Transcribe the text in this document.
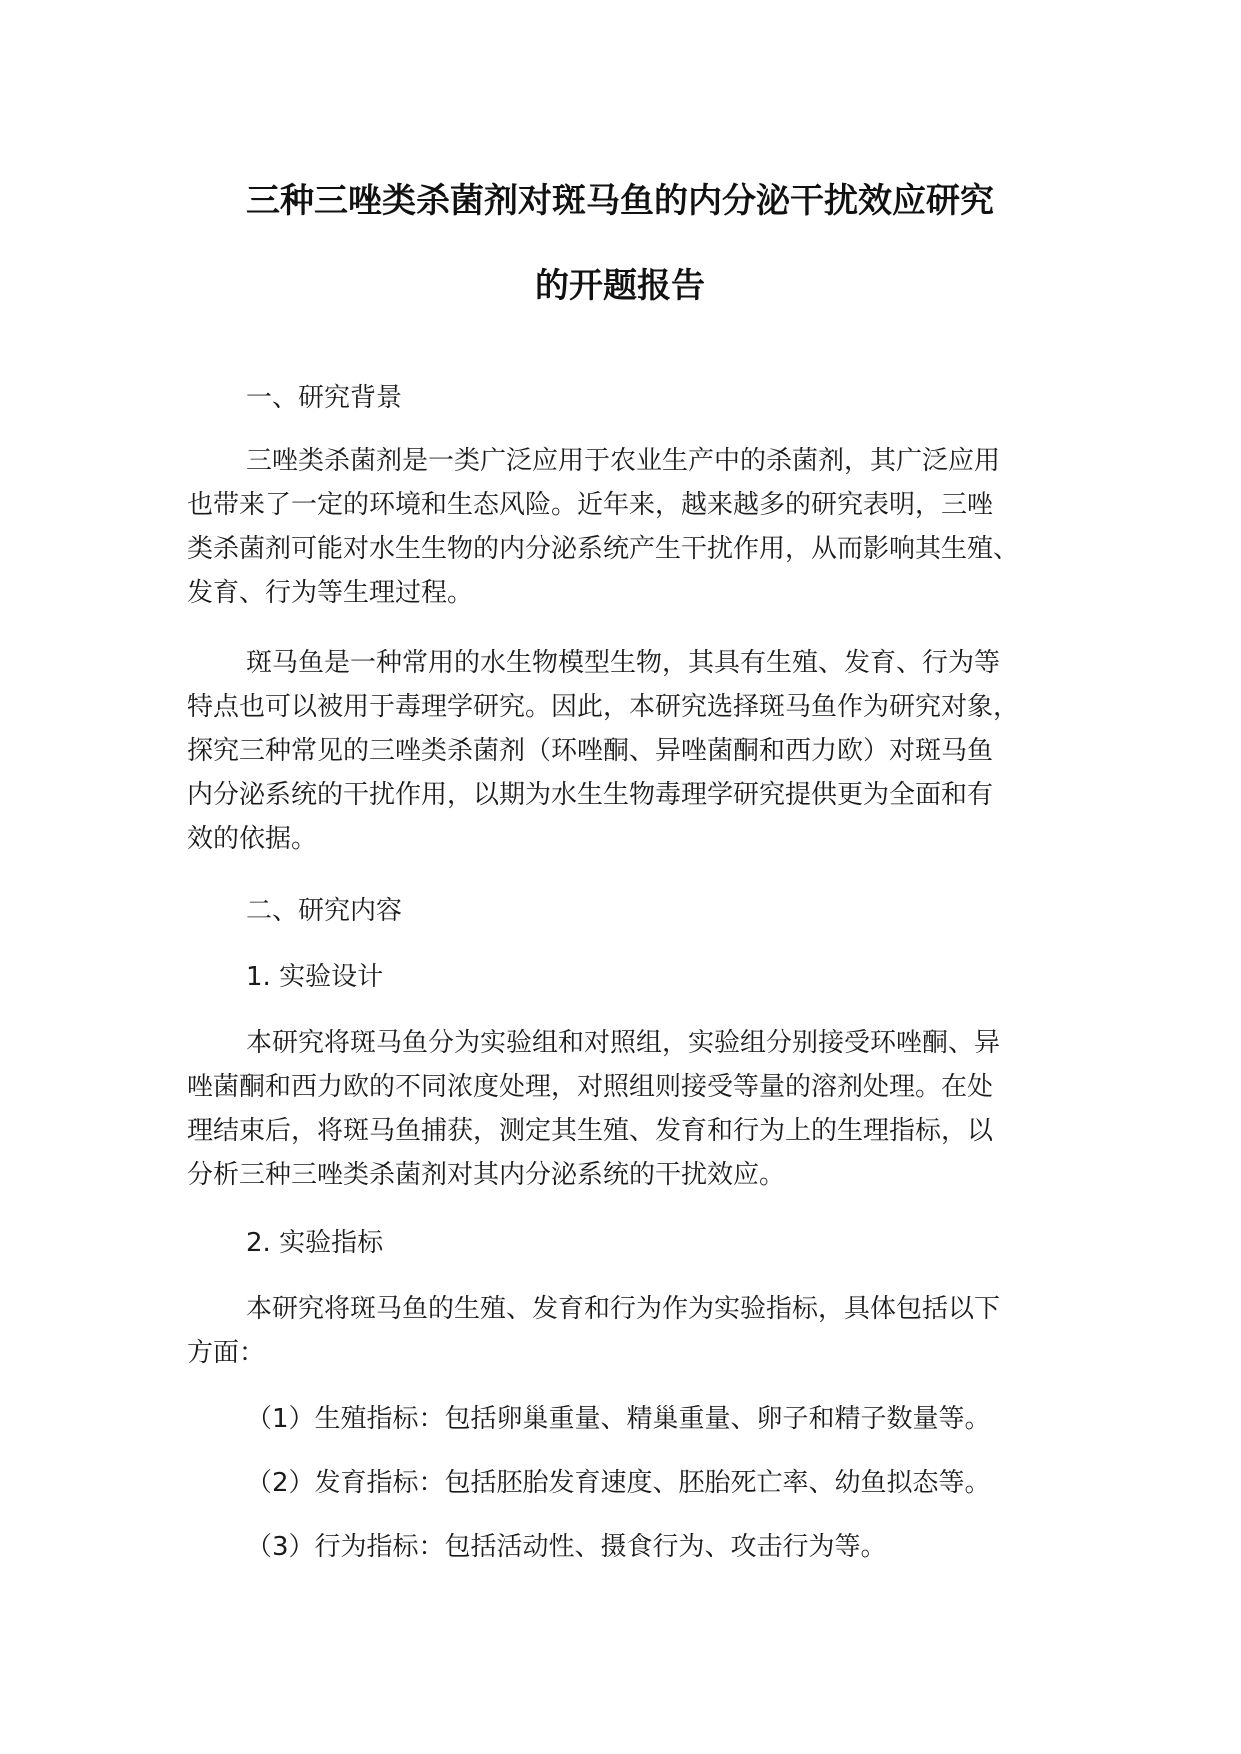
三种三唑类杀菌剂对斑马鱼的内分泌干扰效应研究
的开题报告
一、研究背景
三唑类杀菌剂是一类广泛应用于农业生产中的杀菌剂，其广泛应用
也带来了一定的环境和生态风险。近年来，越来越多的研究表明，三唑
类杀菌剂可能对水生生物的内分泌系统产生干扰作用，从而影响其生殖、
发育、行为等生理过程。
斑马鱼是一种常用的水生物模型生物，其具有生殖、发育、行为等
特点也可以被用于毒理学研究。因此，本研究选择斑马鱼作为研究对象，
探究三种常见的三唑类杀菌剂（环唑酮、异唑菌酮和西力欧）对斑马鱼
内分泌系统的干扰作用，以期为水生生物毒理学研究提供更为全面和有
效的依据。
二、研究内容
1. 实验设计
本研究将斑马鱼分为实验组和对照组，实验组分别接受环唑酮、异
唑菌酮和西力欧的不同浓度处理，对照组则接受等量的溶剂处理。在处
理结束后，将斑马鱼捕获，测定其生殖、发育和行为上的生理指标，以
分析三种三唑类杀菌剂对其内分泌系统的干扰效应。
2. 实验指标
本研究将斑马鱼的生殖、发育和行为作为实验指标，具体包括以下
方面：
（1）生殖指标：包括卵巢重量、精巢重量、卵子和精子数量等。
（2）发育指标：包括胚胎发育速度、胚胎死亡率、幼鱼拟态等。
（3）行为指标：包括活动性、摄食行为、攻击行为等。
